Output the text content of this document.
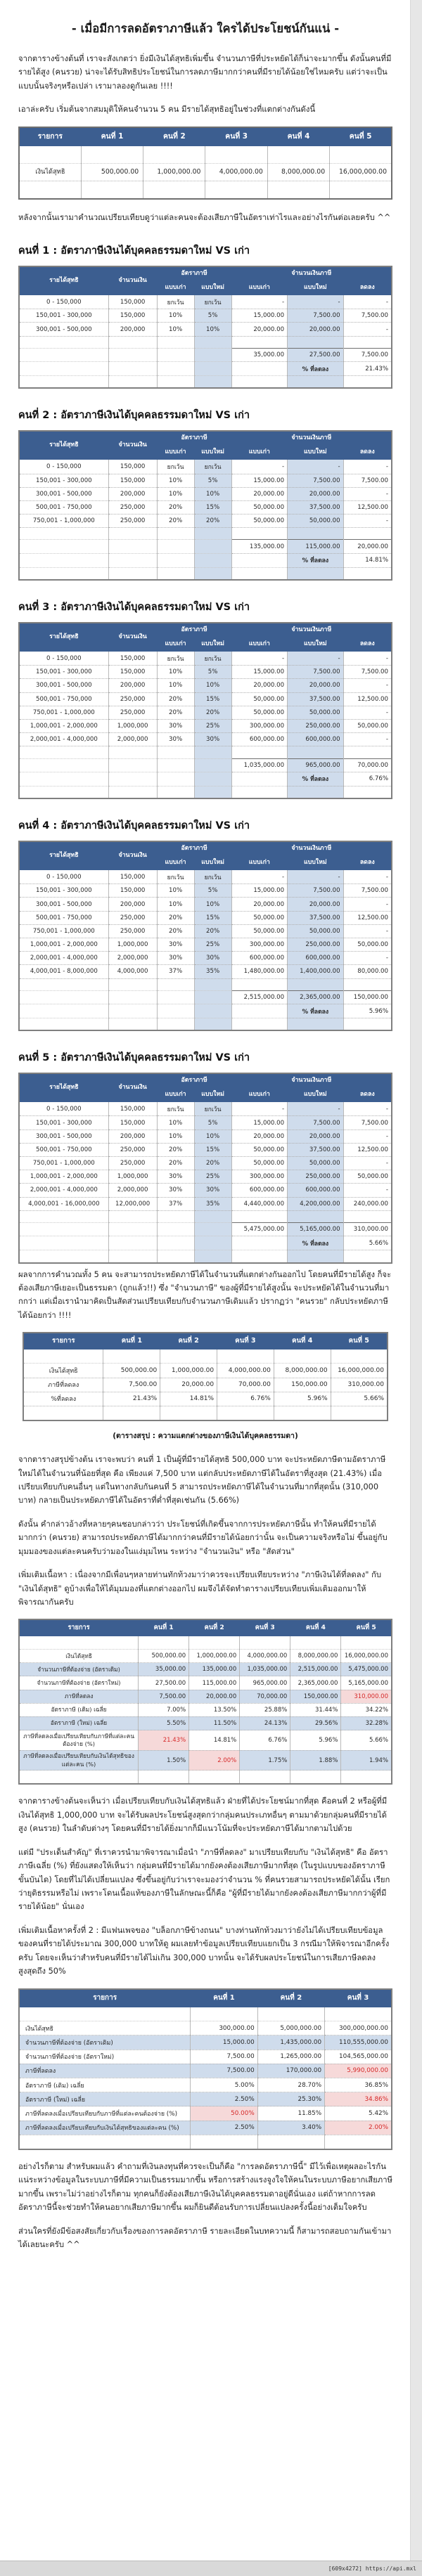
- เมื่อมีการลดอัตราภาษีแล้ว ใครได้ประโยชน์กันแน่ -

จากตารางข้างต้นที่ เราจะสังเกตว่า ยิ่งมีเงินได้สุทธิเพิ่มขึ้น จำนวนภาษีที่ประหยัดได้ก็น่าจะมากขึ้น ดังนั้นคนที่มีรายได้สูง (คนรวย) น่าจะได้รับสิทธิประโยชน์ในการลดภาษีมากกว่าคนที่มีรายได้น้อยใช่ไหมครับ แต่ว่าจะเป็นแบบนั้นจริงๆหรือเปล่า เรามาลองดูกันเลย !!!!

เอาล่ะครับ เริ่มต้นจากสมมุติให้คนจำนวน 5 คน มีรายได้สุทธิอยู่ในช่วงที่แตกต่างกันดังนี้

รายการ	คนที่ 1	คนที่ 2	คนที่ 3	คนที่ 4	คนที่ 5

เงินได้สุทธิ	500,000.00	1,000,000.00	4,000,000.00	8,000,000.00	16,000,000.00

หลังจากนั้นเรามาคำนวณเปรียบเทียบดูว่าแต่ละคนจะต้องเสียภาษีในอัตราเท่าไรและอย่างไรกันต่อเลยครับ ^^

คนที่ 1 : อัตราภาษีเงินได้บุคคลธรรมดาใหม่ VS เก่า
รายได้สุทธิ	จำนวนเงิน	อัตราภาษี		จำนวนเงินภาษี		
		แบบเก่า	แบบใหม่	แบบเก่า	แบบใหม่	ลดลง
0 - 150,000	150,000	ยกเว้น	ยกเว้น	-	-	-
150,001 - 300,000	150,000	10%	5%	15,000.00	7,500.00	7,500.00
300,001 - 500,000	200,000	10%	10%	20,000.00	20,000.00	-

				35,000.00	27,500.00	7,500.00
					% ที่ลดลง	21.43%

คนที่ 2 : อัตราภาษีเงินได้บุคคลธรรมดาใหม่ VS เก่า
รายได้สุทธิ	จำนวนเงิน	อัตราภาษี		จำนวนเงินภาษี		
		แบบเก่า	แบบใหม่	แบบเก่า	แบบใหม่	ลดลง
0 - 150,000	150,000	ยกเว้น	ยกเว้น	-	-	-
150,001 - 300,000	150,000	10%	5%	15,000.00	7,500.00	7,500.00
300,001 - 500,000	200,000	10%	10%	20,000.00	20,000.00	-
500,001 - 750,000	250,000	20%	15%	50,000.00	37,500.00	12,500.00
750,001 - 1,000,000	250,000	20%	20%	50,000.00	50,000.00	-

				135,000.00	115,000.00	20,000.00
					% ที่ลดลง	14.81%

คนที่ 3 : อัตราภาษีเงินได้บุคคลธรรมดาใหม่ VS เก่า
รายได้สุทธิ	จำนวนเงิน	อัตราภาษี		จำนวนเงินภาษี		
		แบบเก่า	แบบใหม่	แบบเก่า	แบบใหม่	ลดลง
0 - 150,000	150,000	ยกเว้น	ยกเว้น	-	-	-
150,001 - 300,000	150,000	10%	5%	15,000.00	7,500.00	7,500.00
300,001 - 500,000	200,000	10%	10%	20,000.00	20,000.00	-
500,001 - 750,000	250,000	20%	15%	50,000.00	37,500.00	12,500.00
750,001 - 1,000,000	250,000	20%	20%	50,000.00	50,000.00	-
1,000,001 - 2,000,000	1,000,000	30%	25%	300,000.00	250,000.00	50,000.00
2,000,001 - 4,000,000	2,000,000	30%	30%	600,000.00	600,000.00	-

				1,035,000.00	965,000.00	70,000.00
					% ที่ลดลง	6.76%

คนที่ 4 : อัตราภาษีเงินได้บุคคลธรรมดาใหม่ VS เก่า
รายได้สุทธิ	จำนวนเงิน	อัตราภาษี		จำนวนเงินภาษี		
		แบบเก่า	แบบใหม่	แบบเก่า	แบบใหม่	ลดลง
0 - 150,000	150,000	ยกเว้น	ยกเว้น	-	-	-
150,001 - 300,000	150,000	10%	5%	15,000.00	7,500.00	7,500.00
300,001 - 500,000	200,000	10%	10%	20,000.00	20,000.00	-
500,001 - 750,000	250,000	20%	15%	50,000.00	37,500.00	12,500.00
750,001 - 1,000,000	250,000	20%	20%	50,000.00	50,000.00	-
1,000,001 - 2,000,000	1,000,000	30%	25%	300,000.00	250,000.00	50,000.00
2,000,001 - 4,000,000	2,000,000	30%	30%	600,000.00	600,000.00	-
4,000,001 - 8,000,000	4,000,000	37%	35%	1,480,000.00	1,400,000.00	80,000.00

				2,515,000.00	2,365,000.00	150,000.00
					% ที่ลดลง	5.96%

คนที่ 5 : อัตราภาษีเงินได้บุคคลธรรมดาใหม่ VS เก่า
รายได้สุทธิ	จำนวนเงิน	อัตราภาษี		จำนวนเงินภาษี		
		แบบเก่า	แบบใหม่	แบบเก่า	แบบใหม่	ลดลง
0 - 150,000	150,000	ยกเว้น	ยกเว้น	-	-	-
150,001 - 300,000	150,000	10%	5%	15,000.00	7,500.00	7,500.00
300,001 - 500,000	200,000	10%	10%	20,000.00	20,000.00	-
500,001 - 750,000	250,000	20%	15%	50,000.00	37,500.00	12,500.00
750,001 - 1,000,000	250,000	20%	20%	50,000.00	50,000.00	-
1,000,001 - 2,000,000	1,000,000	30%	25%	300,000.00	250,000.00	50,000.00
2,000,001 - 4,000,000	2,000,000	30%	30%	600,000.00	600,000.00	-
4,000,001 - 16,000,000	12,000,000	37%	35%	4,440,000.00	4,200,000.00	240,000.00

				5,475,000.00	5,165,000.00	310,000.00
					% ที่ลดลง	5.66%

ผลจากการคำนวณทั้ง 5 คน จะสามารถประหยัดภาษีได้ในจำนวนที่แตกต่างกันออกไป โดยคนที่มีรายได้สูง ก็จะต้องเสียภาษีเยอะเป็นธรรมดา (ถูกแล้ว!!) ซึ่ง "จำนวนภาษี" ของผู้ที่มีรายได้สูงนั้น จะประหยัดได้ในจำนวนที่มากกว่า แต่เมื่อเรานำมาคิดเป็นสัดส่วนเปรียบเทียบกับจำนวนภาษีเดิมแล้ว ปรากฏว่า "คนรวย" กลับประหยัดภาษีได้น้อยกว่า !!!!

รายการ	คนที่ 1	คนที่ 2	คนที่ 3	คนที่ 4	คนที่ 5

เงินได้สุทธิ	500,000.00	1,000,000.00	4,000,000.00	8,000,000.00	16,000,000.00
ภาษีที่ลดลง	7,500.00	20,000.00	70,000.00	150,000.00	310,000.00
%ที่ลดลง	21.43%	14.81%	6.76%	5.96%	5.66%

(ตารางสรุป : ความแตกต่างของภาษีเงินได้บุคคลธรรมดา)

จากตารางสรุปข้างต้น เราจะพบว่า คนที่ 1 เป็นผู้ที่มีรายได้สุทธิ 500,000 บาท จะประหยัดภาษีตามอัตราภาษีใหม่ได้ในจำนวนที่น้อยที่สุด คือ เพียงแค่ 7,500 บาท แต่กลับประหยัดภาษีได้ในอัตราที่สูงสุด (21.43%) เมื่อเปรียบเทียบกับคนอื่นๆ แต่ในทางกลับกันคนที่ 5 สามารถประหยัดภาษีได้ในจำนวนที่มากที่สุดนั้น (310,000 บาท) กลายเป็นประหยัดภาษีได้ในอัตราที่ต่ำที่สุดเช่นกัน (5.66%)

ดังนั้น คำกล่าวอ้างที่หลายๆคนชอบกล่าวว่า ประโยชน์ที่เกิดขึ้นจากการประหยัดภาษีนั้น ทำให้คนที่มีรายได้มากกว่า (คนรวย) สามารถประหยัดภาษีได้มากกว่าคนที่มีรายได้น้อยกว่านั้น จะเป็นความจริงหรือไม่ ขึ้นอยู่กับมุมมองของแต่ละคนครับว่ามองในแง่มุมไหน ระหว่าง "จำนวนเงิน" หรือ "สัดส่วน"

เพิ่มเติมเนื้อหา : เนื่องจากมีเพื่อนๆหลายท่านทักท้วงมาว่าควรจะเปรียบเทียบระหว่าง "ภาษีเงินได้ที่ลดลง" กับ "เงินได้สุทธิ" ดูบ้างเพื่อให้ได้มุมมองที่แตกต่างออกไป ผมจึงได้จัดทำตารางเปรียบเทียบเพิ่มเติมออกมาให้พิจารณากันครับ

รายการ	คนที่ 1	คนที่ 2	คนที่ 3	คนที่ 4	คนที่ 5

เงินได้สุทธิ	500,000.00	1,000,000.00	4,000,000.00	8,000,000.00	16,000,000.00
จำนวนภาษีที่ต้องจ่าย (อัตราเดิม)	35,000.00	135,000.00	1,035,000.00	2,515,000.00	5,475,000.00
จำนวนภาษีที่ต้องจ่าย (อัตราใหม่)	27,500.00	115,000.00	965,000.00	2,365,000.00	5,165,000.00
ภาษีที่ลดลง	7,500.00	20,000.00	70,000.00	150,000.00	310,000.00
อัตราภาษี (เดิม) เฉลี่ย	7.00%	13.50%	25.88%	31.44%	34.22%
อัตราภาษี (ใหม่) เฉลี่ย	5.50%	11.50%	24.13%	29.56%	32.28%
ภาษีที่ลดลงเมื่อเปรียบเทียบกับภาษีที่แต่ละคนต้องจ่าย (%)	21.43%	14.81%	6.76%	5.96%	5.66%
ภาษีที่ลดลงเมื่อเปรียบเทียบกับเงินได้สุทธิของแต่ละคน (%)	1.50%	2.00%	1.75%	1.88%	1.94%

จากตารางข้างต้นจะเห็นว่า เมื่อเปรียบเทียบกับเงินได้สุทธิแล้ว ฝ่ายที่ได้ประโยชน์มากที่สุด คือคนที่ 2 หรือผู้ที่มีเงินได้สุทธิ 1,000,000 บาท จะได้รับผลประโยชน์สูงสุดกว่ากลุ่มคนประเภทอื่นๆ ตามมาด้วยกลุ่มคนที่มีรายได้สูง (คนรวย) ในลำดับต่างๆ โดยคนที่มีรายได้ยิ่งมากก็มีแนวโน้มที่จะประหยัดภาษีได้มากตามไปด้วย

แต่มี "ประเด็นสำคัญ" ที่เราควรนำมาพิจารณาเมื่อนำ "ภาษีที่ลดลง" มาเปรียบเทียบกับ "เงินได้สุทธิ" คือ อัตราภาษีเฉลี่ย (%) ที่ยังแสดงให้เห็นว่า กลุ่มคนที่มีรายได้มากยังคงต้องเสียภาษีมากที่สุด (ในรูปแบบของอัตราภาษีขั้นบันได) โดยที่ไม่ได้เปลี่ยนแปลง ซึ่งขึ้นอยู่กับว่าเราจะมองว่าจำนวน % ที่คนรวยสามารถประหยัดได้นั้น เรียกว่ายุติธรรมหรือไม่ เพราะโดนเนื้อแท้ของภาษีในลักษณะนี้ก็คือ "ผู้ที่มีรายได้มากยังคงต้องเสียภาษีมากกว่าผู้ที่มีรายได้น้อย" นั่นเอง

เพิ่มเติมเนื้อหาครั้งที่ 2 : มีแฟนเพจของ "บล็อกภาษีข้างถนน" บางท่านทักท้วงมาว่ายังไม่ได้เปรียบเทียบข้อมูลของคนที่รายได้ประมาณ 300,000 บาทให้ดู ผมเลยทำข้อมูลเปรียบเทียบแยกเป็น 3 กรณีมาให้พิจารณาอีกครั้งครับ โดยจะเห็นว่าสำหรับคนที่มีรายได้ไม่เกิน 300,000 บาทนั้น จะได้รับผลประโยชน์ในการเสียภาษีลดลงสูงสุดถึง 50%

รายการ	คนที่ 1	คนที่ 2	คนที่ 3

เงินได้สุทธิ	300,000.00	5,000,000.00	300,000,000.00
จำนวนภาษีที่ต้องจ่าย (อัตราเดิม)	15,000.00	1,435,000.00	110,555,000.00
จำนวนภาษีที่ต้องจ่าย (อัตราใหม่)	7,500.00	1,265,000.00	104,565,000.00
ภาษีที่ลดลง	7,500.00	170,000.00	5,990,000.00
อัตราภาษี (เดิม) เฉลี่ย	5.00%	28.70%	36.85%
อัตราภาษี (ใหม่) เฉลี่ย	2.50%	25.30%	34.86%
ภาษีที่ลดลงเมื่อเปรียบเทียบกับภาษีที่แต่ละคนต้องจ่าย (%)	50.00%	11.85%	5.42%
ภาษีที่ลดลงเมื่อเปรียบเทียบกับเงินได้สุทธิของแต่ละคน (%)	2.50%	3.40%	2.00%

อย่างไรก็ตาม สำหรับผมแล้ว คำถามที่เงินลงทุนที่ควรจะเป็นก็คือ "การลดอัตราภาษีนี้" มีไว้เพื่อเหตุผลอะไรกันแน่ระหว่างข้อมูลในระบบภาษีที่มีความเป็นธรรมมากขึ้น หรือการสร้างแรงจูงใจให้คนในระบบภาษีอยากเสียภาษีมากขึ้น เพราะไม่ว่าอย่างไรก็ตาม ทุกคนก็ยังต้องเสียภาษีเงินได้บุคคลธรรมดาอยู่ดีนั่นเอง แต่ถ้าหากการลดอัตราภาษีนี้จะช่วยทำให้คนอยากเสียภาษีมากขึ้น ผมก็ยินดีต้อนรับการเปลี่ยนแปลงครั้งนี้อย่างเต็มใจครับ

ส่วนใครที่ยังมีข้อสงสัยเกี่ยวกับเรื่องของการลดอัตราภาษี รายละเอียดในบทความนี้ ก็สามารถสอบถามกันเข้ามาได้เลยนะครับ ^^

[609x4272] https://api.mxl
